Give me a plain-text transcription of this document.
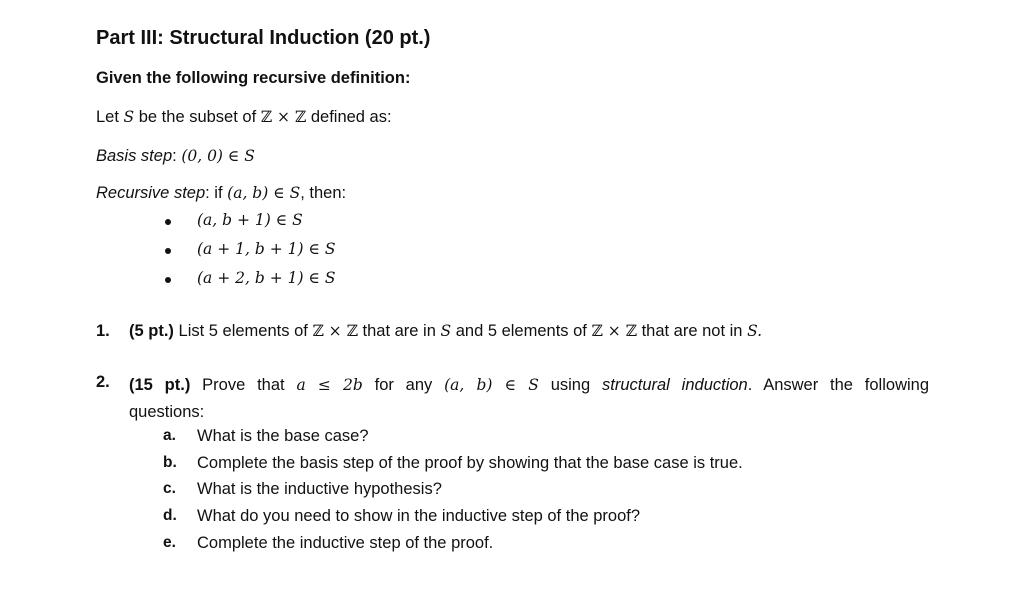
Part III: Structural Induction (20 pt.)
Given the following recursive definition:
Let S be the subset of ℤ × ℤ defined as:
Basis step: (0, 0) ∈ S
Recursive step: if (a, b) ∈ S, then:
(a, b + 1) ∈ S
(a + 1, b + 1) ∈ S
(a + 2, b + 1) ∈ S
1. (5 pt.) List 5 elements of ℤ × ℤ that are in S and 5 elements of ℤ × ℤ that are not in S.
2. (15 pt.) Prove that a ≤ 2b for any (a, b) ∈ S using structural induction. Answer the following
questions:
a. What is the base case?
b. Complete the basis step of the proof by showing that the base case is true.
c. What is the inductive hypothesis?
d. What do you need to show in the inductive step of the proof?
e. Complete the inductive step of the proof.
